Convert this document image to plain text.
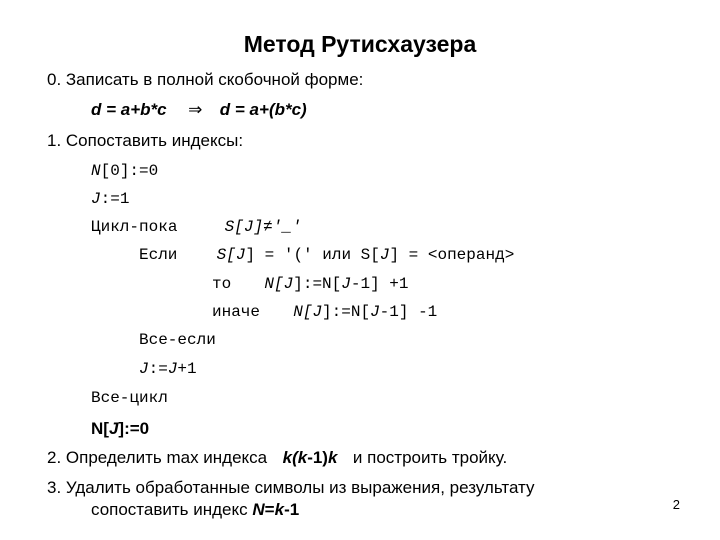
Метод Рутисхаузера
0. Записать в полной скобочной форме:
d = a+b*c ⇒ d = a+(b*c)
1. Сопоставить индексы:
N[0]:=0
J:=1
Цикл-пока	S[J]≠'_'
Если S[J] = '(' или S[J] = <операнд>
то N[J]:=N[J-1] +1
иначе N[J]:=N[J-1] -1
Все-если
J:=J+1
Все-цикл
N[J]:=0
2. Определить max индекса k(k-1)k и построить тройку.
3. Удалить обработанные символы из выражения, результату
сопоставить индекс N=k-1	2
